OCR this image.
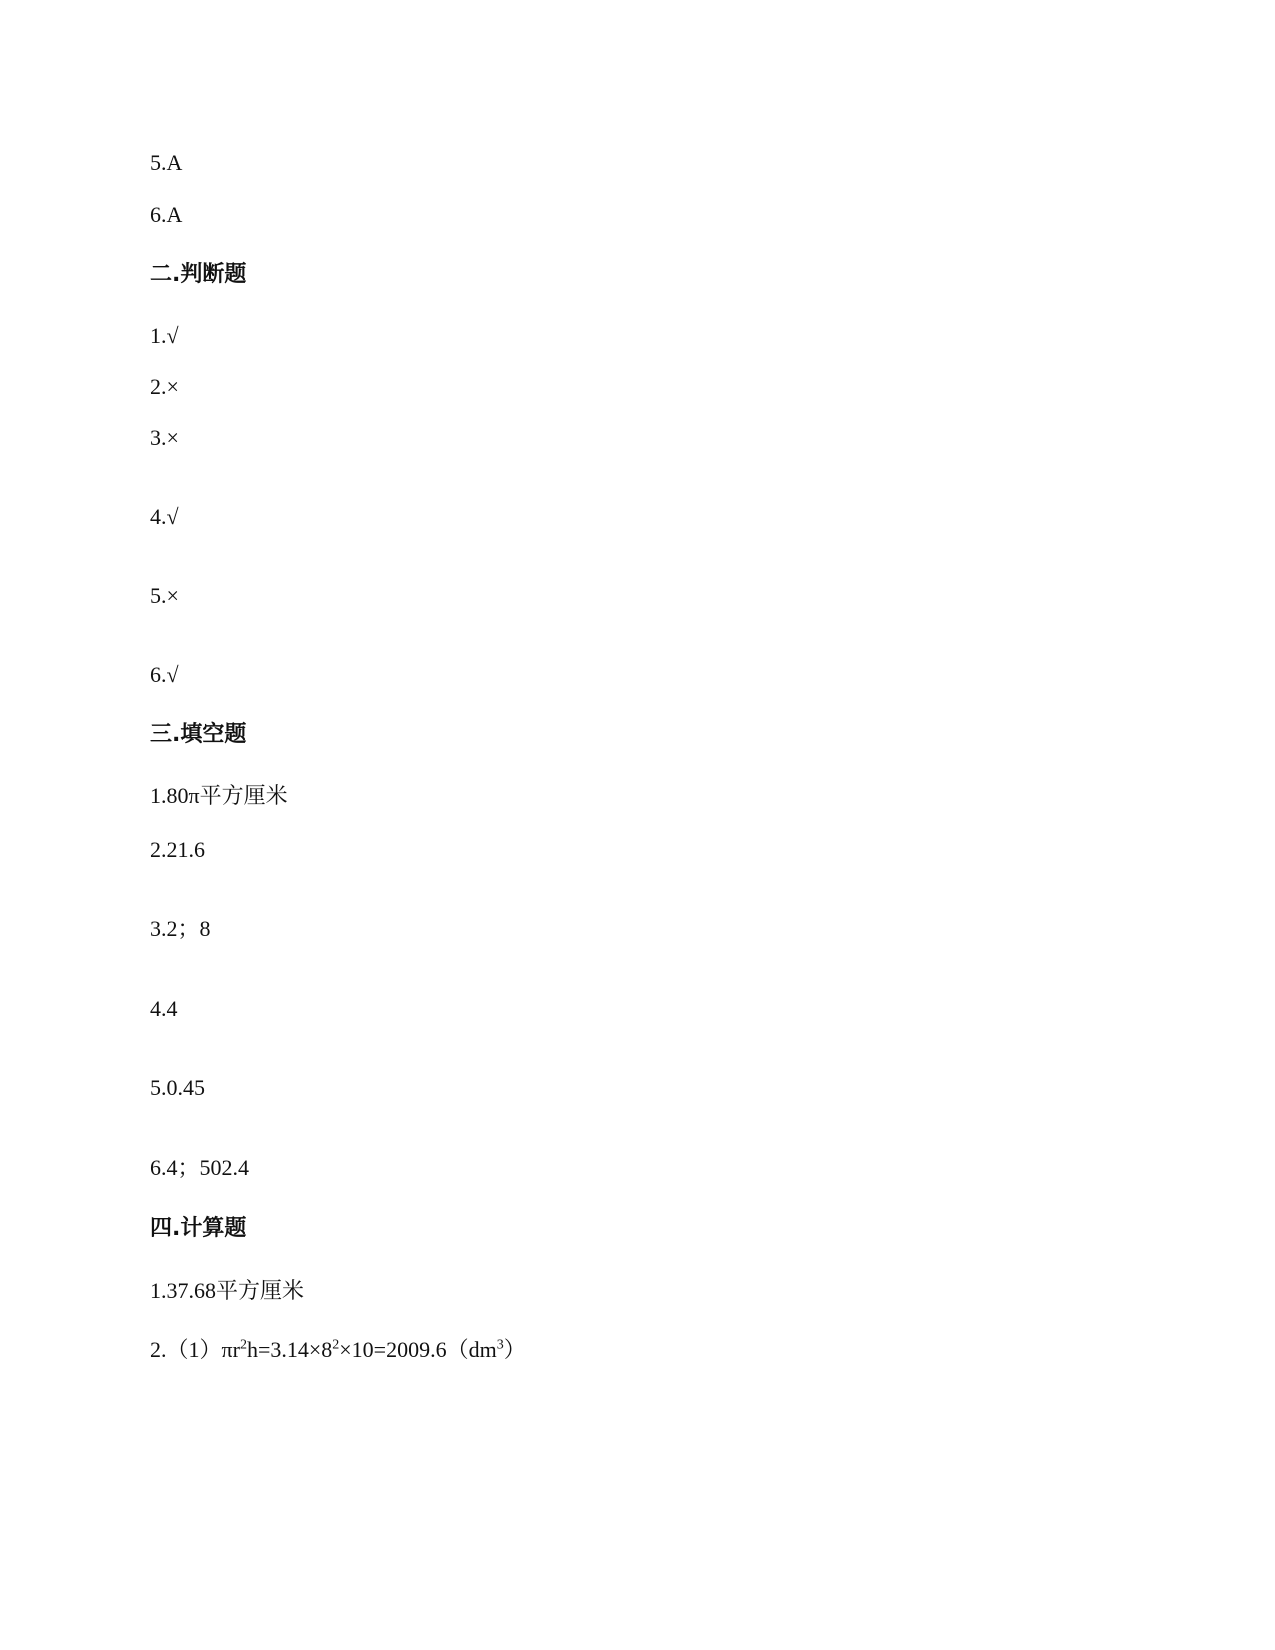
5.A
6.A
二.判断题
1.√
2.×
3.×
4.√
5.×
6.√
三.填空题
1.80π平方厘米
2.21.6
3.2；8
4.4
5.0.45
6.4；502.4
四.计算题
1.37.68平方厘米
$2.(1)\pi r^2h=3.14\times 8^2\times 10=2009.6(dm^3)$
